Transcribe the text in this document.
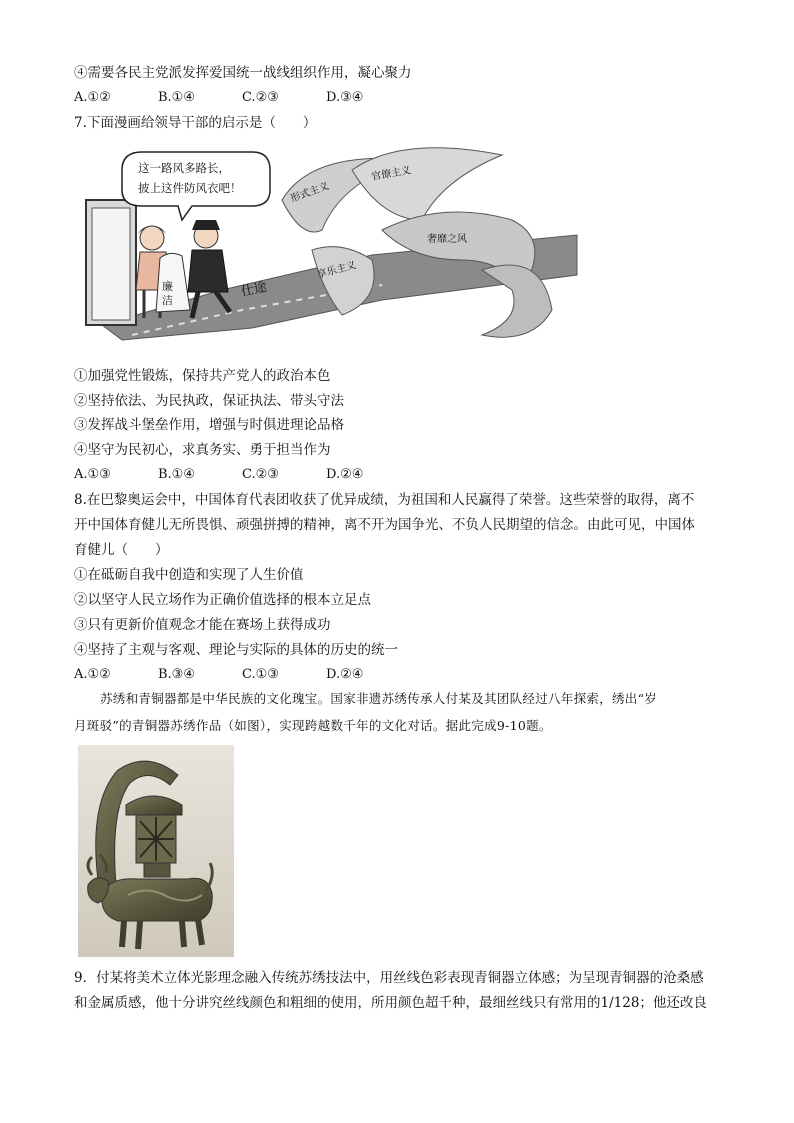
④需要各民主党派发挥爱国统一战线组织作用，凝心聚力
A.①②	B.①④	C.②③	D.③④
7.下面漫画给领导干部的启示是（　　）
廉
洁
仕途
这一路风多路长，
披上这件防风衣吧！	形式主义
官僚主义
奢靡之风
享乐主义
①加强党性锻炼，保持共产党人的政治本色
②坚持依法、为民执政，保证执法、带头守法
③发挥战斗堡垒作用，增强与时俱进理论品格
④坚守为民初心，求真务实、勇于担当作为
A.①③	B.①④	C.②③	D.②④
8.在巴黎奥运会中，中国体育代表团收获了优异成绩，为祖国和人民赢得了荣誉。这些荣誉的取得，离不
开中国体育健儿无所畏惧、顽强拼搏的精神，离不开为国争光、不负人民期望的信念。由此可见，中国体
育健儿（　　）
①在砥砺自我中创造和实现了人生价值
②以坚守人民立场作为正确价值选择的根本立足点
③只有更新价值观念才能在赛场上获得成功
④坚持了主观与客观、理论与实际的具体的历史的统一
A.①②	B.③④	C.①③	D.②④
苏绣和青铜器都是中华民族的文化瑰宝。国家非遗苏绣传承人付某及其团队经过八年探索，绣出“岁
月斑驳”的青铜器苏绣作品（如图），实现跨越数千年的文化对话。据此完成9-10题。
9．付某将美术立体光影理念融入传统苏绣技法中，用丝线色彩表现青铜器立体感；为呈现青铜器的沧桑感
和金属质感，他十分讲究丝线颜色和粗细的使用，所用颜色超千种，最细丝线只有常用的1/128；他还改良
